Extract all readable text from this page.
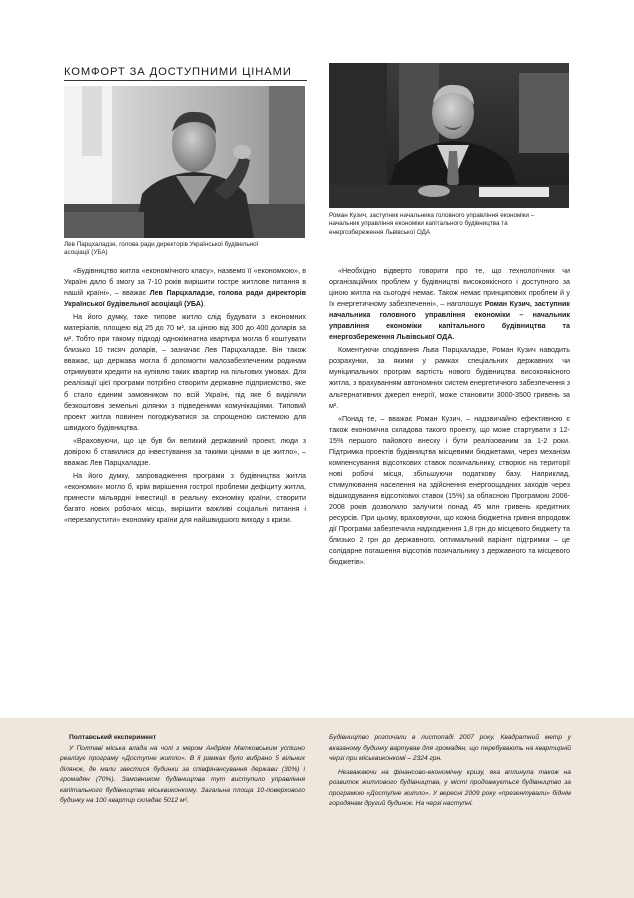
КОМФОРТ ЗА ДОСТУПНИМИ ЦІНАМИ
Лев Парцхаладзе, голова ради директорів Української будівельної асоціації (УБА)
Роман Кузич, заступник начальника головного управління економіки – начальник управління економіки капітального будівництва та енергозбереження Львівської ОДА

«Будівництво житла «економічного класу», назвемо її «економкою», в Україні дало б змогу за 7-10 років вирішити гостре житлове питання в нашій країні», – вважає Лев Парцхаладзе, голова ради директорів Української будівельної асоціації (УБА).

На його думку, таке типове житло слід будувати з економних матеріалів, площею від 25 до 70 м², за ціною від 300 до 400 доларів за м². Тобто при такому підході однокімнатна квартира могла б коштувати близько 10 тисяч доларів, – зазначає Лев Парцхаладзе. Він також вважає, що держава могла б допомогти малозабезпеченим родинам отримувати кредити на купівлю таких квартир на пільгових умовах. Для реалізації цієї програми потрібно створити державне підприємство, яке б стало єдиним замовником по всій Україні, під яке б виділяли безкоштовні земельні ділянки з підведеними комунікаціями. Типовий проект житла повинен погоджуватися за спрощеною системою для швидкого будівництва.

«Враховуючи, що це був би великий державний проект, люди з довірою б ставилися до інвестування за такими цінами в це житло», – вважає Лев Парцхаладзе.

На його думку, запровадження програми з будівництва житла «економки» могло б, крім вирішення гострої проблеми дефіциту житла, принести мільярдні інвестиції в реальну економіку країни, створити багато нових робочих місць, вирішити важливі соціальні питання і «перезапустити» економіку країни для найшвидшого виходу з кризи.

«Необхідно відверто говорити про те, що технологічних чи організаційних проблем у будівництві високоякісного і доступного за ціною житла на сьогодні немає. Також немає принципових проблем й у їх енергетичному забезпеченні», – наголошує Роман Кузич, заступник начальника головного управління економіки – начальник управління економіки капітального будівництва та енергозбереження Львівської ОДА.

Коментуючи сподівання Льва Парцхаладзе, Роман Кузич наводить розрахунки, за якими у рамках спеціальних державних чи муніципальних програм вартість нового будівництва високоякісного житла, з врахуванням автономних систем енергетичного забезпечення з альтернативних джерел енергії, може становити 3000-3500 гривень за м².

«Понад те, – вважає Роман Кузич, – надзвичайно ефективною є також економічна складова такого проекту, що може стартувати з 12-15% першого пайового внеску і бути реалізованим за 1-2 роки. Підтримка проектів будівництва місцевими бюджетами, через механізм компенсування відсоткових ставок позичальнику, створює на території нові робочі місця, збільшуючи податкову базу. Наприклад, стимулювання населення на здійснення енергоощадних заходів через відшкодування відсоткових ставок (15%) за обласною Програмою 2006-2008 років дозволило залучити понад 45 млн гривень кредитних ресурсів. При цьому, враховуючи, що кожна бюджетна гривня впродовж дії Програми забезпечила надходження 1,8 грн до місцевого бюджету та близько 2 грн до державного, оптимальний варіант підтримки – це солідарне погашення відсотків позичальнику з державного та місцевого бюджетів».

Полтавський експеримент

У Полтаві міська влада на чолі з мером Андрієм Матковським успішно реалізує програму «Доступне житло». В її рамках було вибрано 5 вільних ділянок, де мали звестися будинки за співфінансування держави (30%) і громадян (70%). Замовником будівництва тут виступило управління капітального будівництва міськвиконкому. Загальна площа 10-поверхового будинку на 100 квартир складає 5012 м².

Будівництво розпочали в листопаді 2007 року. Квадратний метр у вказаному будинку вартував для громадян, що перебувають на квартирній черзі при міськвиконкомі – 2324 грн.

Незважаючи на фінансово-економічну кризу, яка вплинула також на розвиток житлового будівництва, у місті продовжується будівництво за програмою «Доступне житло». У вересні 2009 року «презентували» біднім городянам другий будинок. На черзі наступні.
